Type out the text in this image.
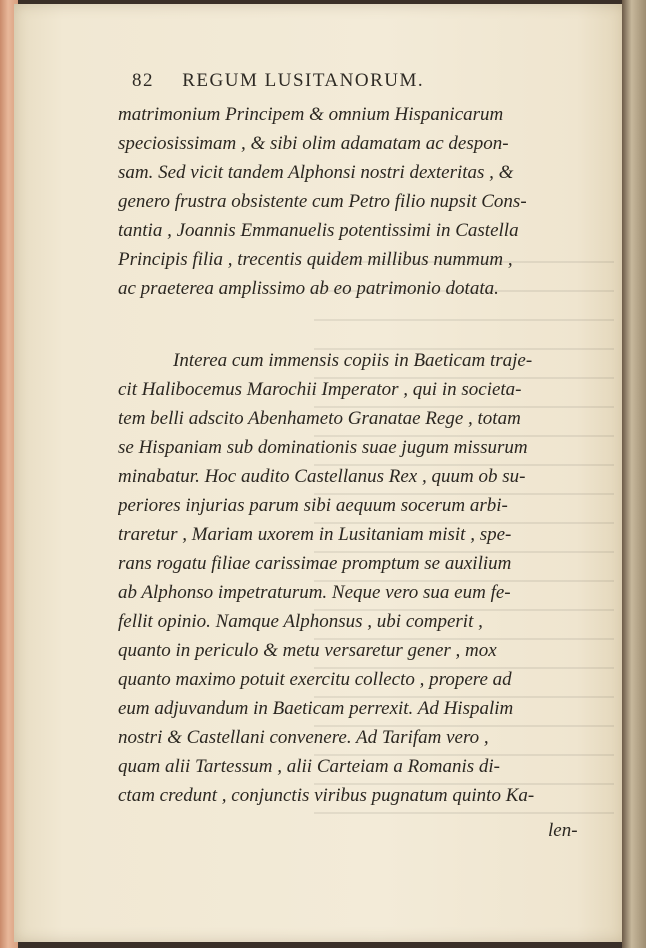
82 REGUM LUSITANORUM.
matrimonium Principem & omnium Hispanicarum
speciosissimam , & sibi olim adamatam ac despon-
sam. Sed vicit tandem Alphonsi nostri dexteritas , &
genero frustra obsistente cum Petro filio nupsit Cons-
tantia , Joannis Emmanuelis potentissimi in Castella
Principis filia , trecentis quidem millibus nummum ,
ac praeterea amplissimo ab eo patrimonio dotata.
Interea cum immensis copiis in Baeticam traje-
cit Halibocemus Marochii Imperator , qui in societa-
tem belli adscito Abenhameto Granatae Rege , totam
se Hispaniam sub dominationis suae jugum missurum
minabatur. Hoc audito Castellanus Rex , quum ob su-
periores injurias parum sibi aequum socerum arbi-
traretur , Mariam uxorem in Lusitaniam misit , spe-
rans rogatu filiae carissimae promptum se auxilium
ab Alphonso impetraturum. Neque vero sua eum fe-
fellit opinio. Namque Alphonsus , ubi comperit ,
quanto in periculo & metu versaretur gener , mox
quanto maximo potuit exercitu collecto , propere ad
eum adjuvandum in Baeticam perrexit. Ad Hispalim
nostri & Castellani convenere. Ad Tarifam vero ,
quam alii Tartessum , alii Carteiam a Romanis di-
ctam credunt , conjunctis viribus pugnatum quinto Ka-
len-
